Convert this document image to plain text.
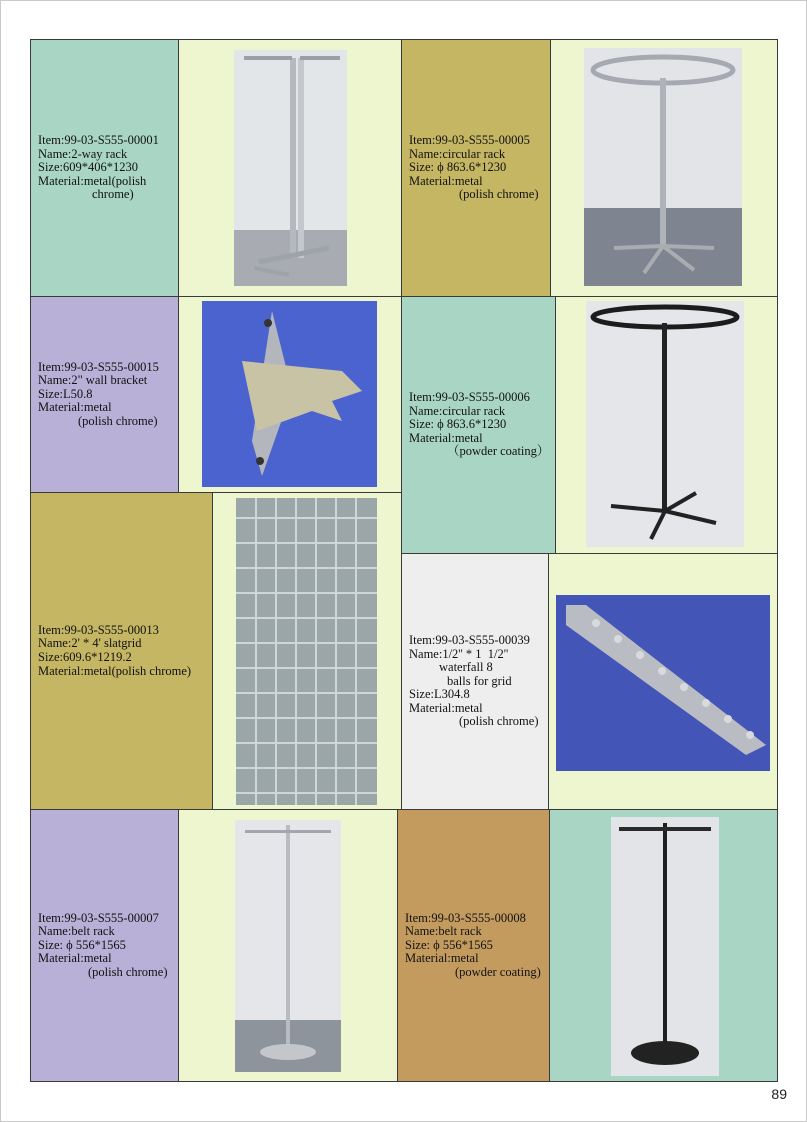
Item:99-03-S555-00001
Name:2-way rack
Size:609*406*1230
Material:metal(polish
chrome)
Item:99-03-S555-00005
Name:circular rack
Size: ϕ 863.6*1230
Material:metal
(polish chrome)
Item:99-03-S555-00015
Name:2" wall bracket
Size:L50.8
Material:metal
(polish chrome)
Item:99-03-S555-00006
Name:circular rack
Size: ϕ 863.6*1230
Material:metal
（powder coating）
Item:99-03-S555-00013
Name:2' * 4' slatgrid
Size:609.6*1219.2
Material:metal(polish chrome)
Item:99-03-S555-00039
Name:1/2'' * 1  1/2''
waterfall 8
balls for grid
Size:L304.8
Material:metal
(polish chrome)
Item:99-03-S555-00007
Name:belt rack
Size: ϕ 556*1565
Material:metal
(polish chrome)
Item:99-03-S555-00008
Name:belt rack
Size: ϕ 556*1565
Material:metal
(powder coating)
89
